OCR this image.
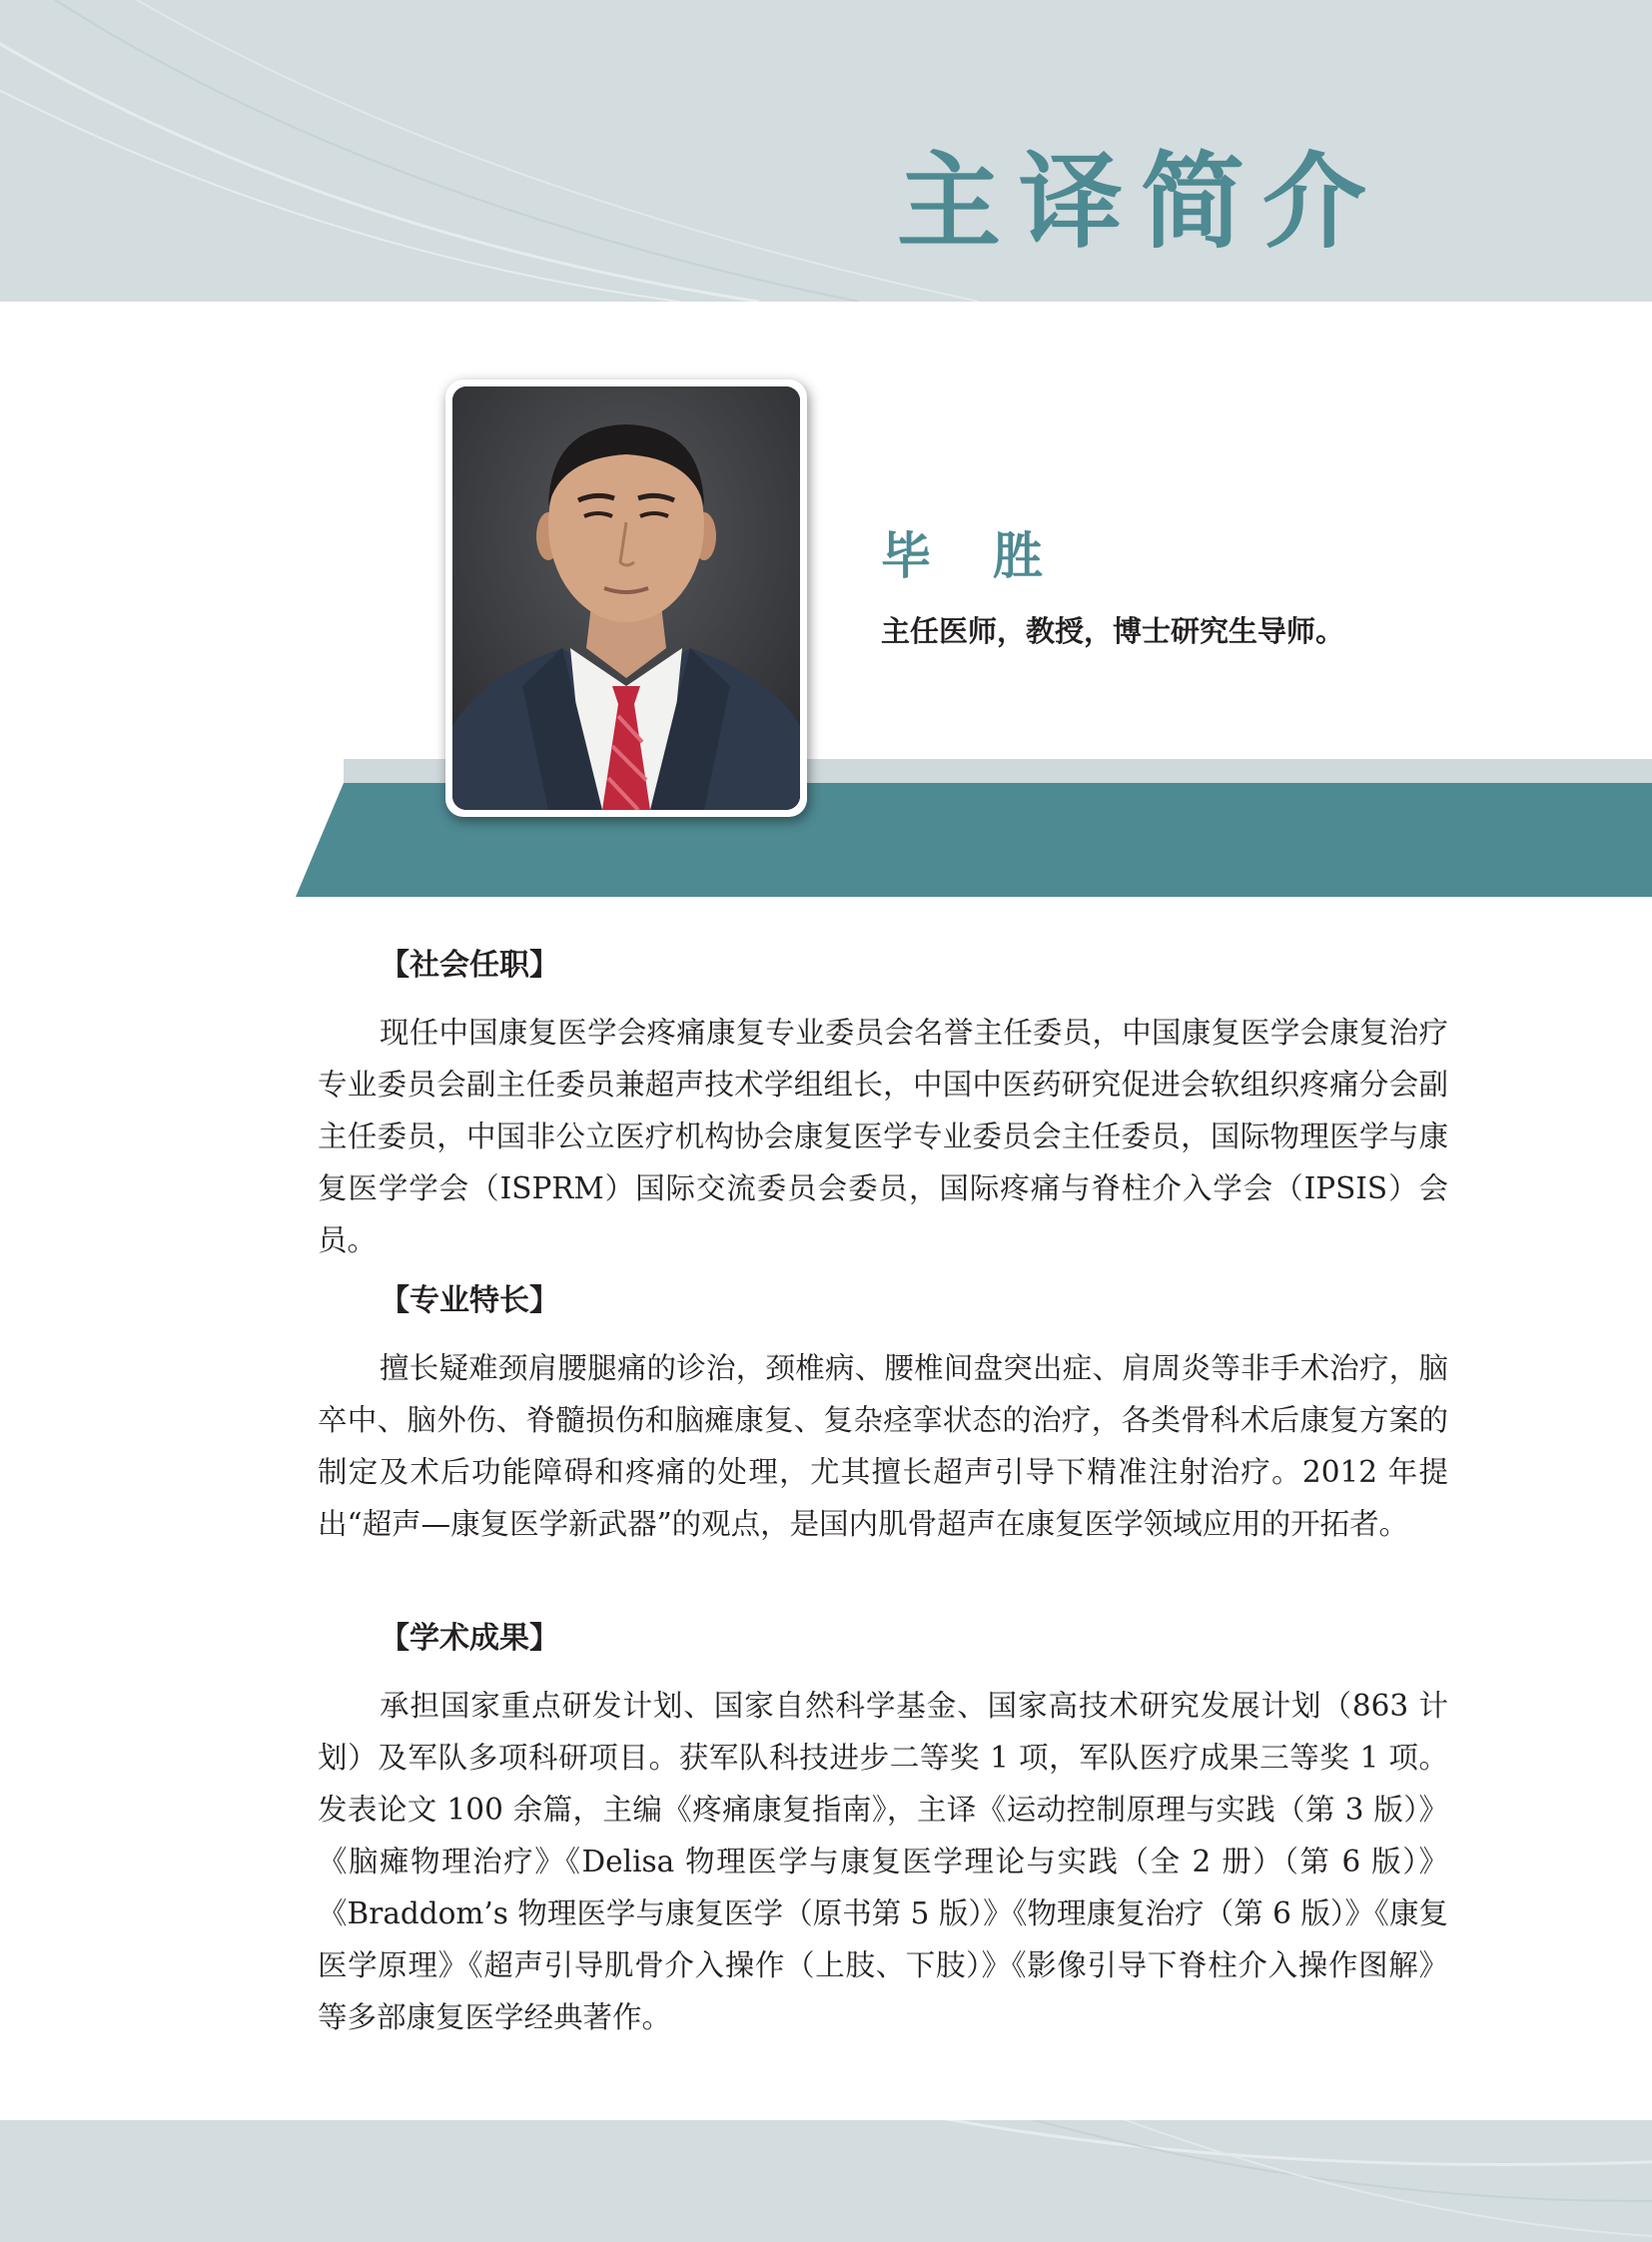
主译简介
毕胜
主任医师，教授，博士研究生导师。
【社会任职】
现任中国康复医学会疼痛康复专业委员会名誉主任委员，中国康复医学会康复治疗专业委员会副主任委员兼超声技术学组组长，中国中医药研究促进会软组织疼痛分会副主任委员，中国非公立医疗机构协会康复医学专业委员会主任委员，国际物理医学与康复医学学会（ISPRM）国际交流委员会委员，国际疼痛与脊柱介入学会（IPSIS）会员。
【专业特长】
擅长疑难颈肩腰腿痛的诊治，颈椎病、腰椎间盘突出症、肩周炎等非手术治疗，脑卒中、脑外伤、脊髓损伤和脑瘫康复、复杂痉挛状态的治疗，各类骨科术后康复方案的制定及术后功能障碍和疼痛的处理，尤其擅长超声引导下精准注射治疗。2012 年提出“超声—康复医学新武器”的观点，是国内肌骨超声在康复医学领域应用的开拓者。
【学术成果】
承担国家重点研发计划、国家自然科学基金、国家高技术研究发展计划（863 计划）及军队多项科研项目。获军队科技进步二等奖 1 项，军队医疗成果三等奖 1 项。发表论文 100 余篇，主编《疼痛康复指南》，主译《运动控制原理与实践（第 3 版）》《脑瘫物理治疗》《Delisa 物理医学与康复医学理论与实践（全 2 册）（第 6 版）》《Braddom’s 物理医学与康复医学（原书第 5 版）》《物理康复治疗（第 6 版）》《康复医学原理》《超声引导肌骨介入操作（上肢、下肢）》《影像引导下脊柱介入操作图解》等多部康复医学经典著作。
